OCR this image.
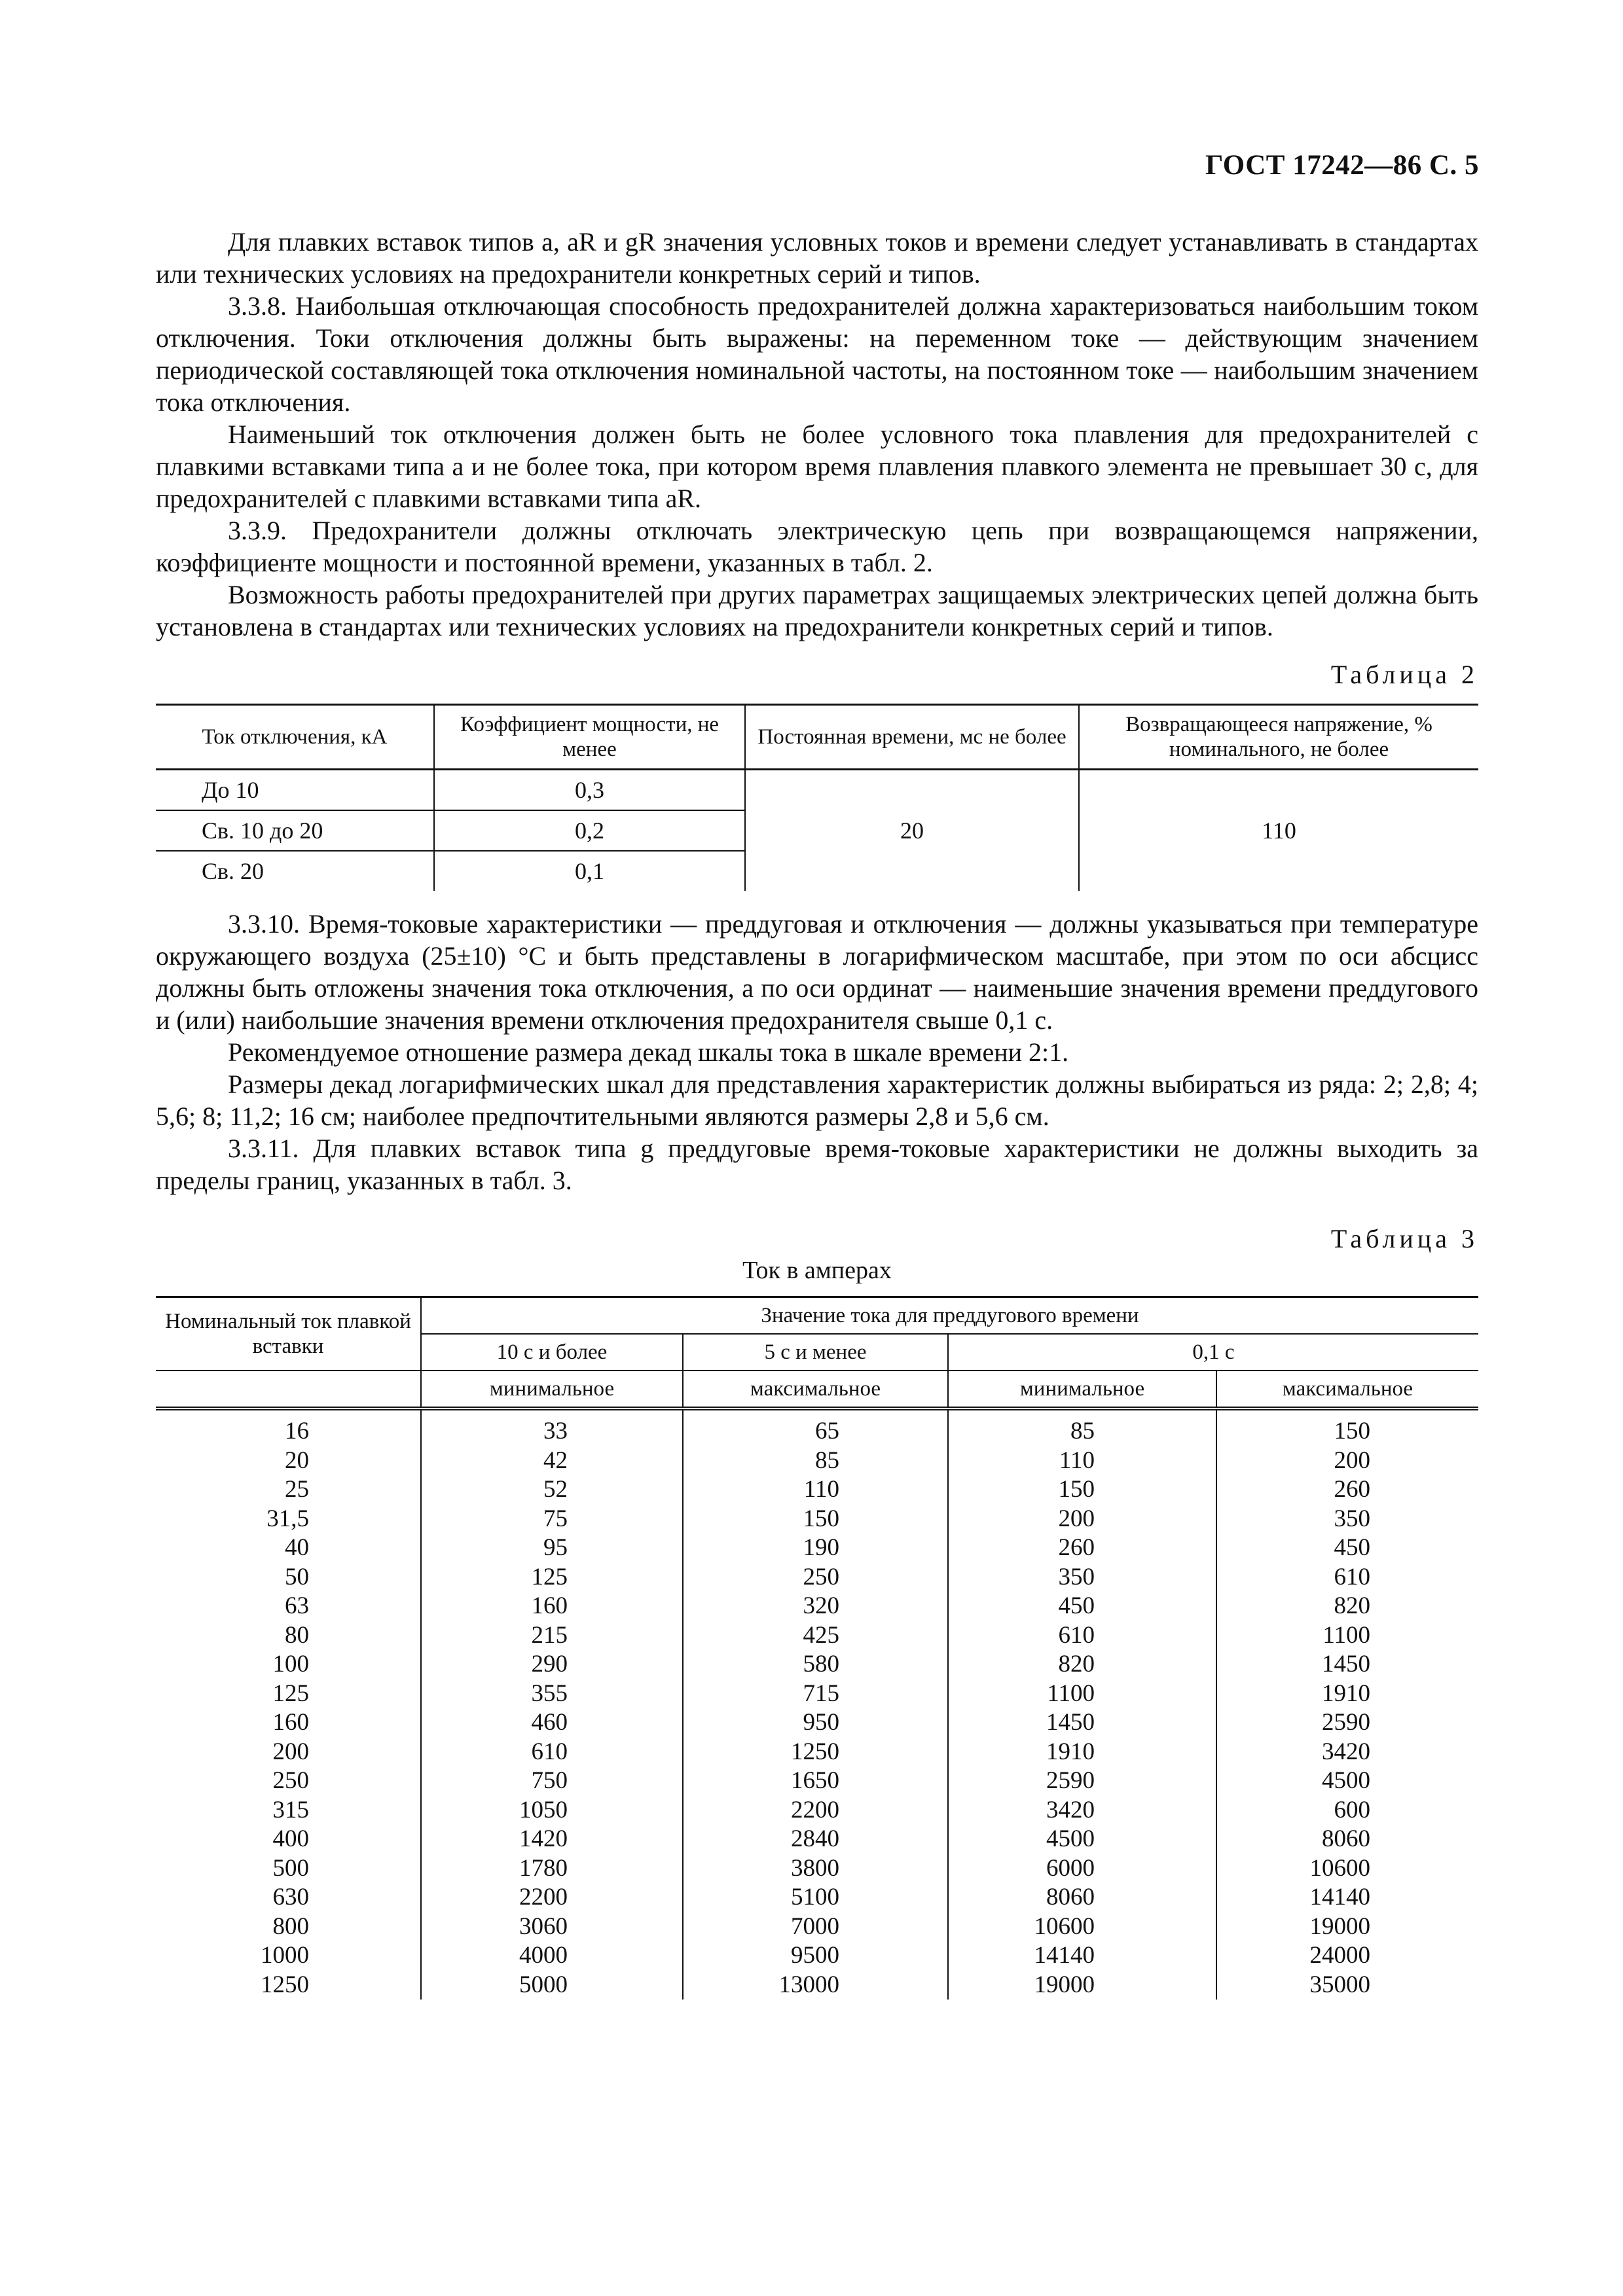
ГОСТ 17242—86 С. 5

Для плавких вставок типов a, aR и gR значения условных токов и времени следует устанавливать в стандартах или технических условиях на предохранители конкретных серий и типов.

3.3.8. Наибольшая отключающая способность предохранителей должна характеризоваться наибольшим током отключения. Токи отключения должны быть выражены: на переменном токе — действующим значением периодической составляющей тока отключения номинальной частоты, на постоянном токе — наибольшим значением тока отключения.

Наименьший ток отключения должен быть не более условного тока плавления для предохранителей с плавкими вставками типа a и не более тока, при котором время плавления плавкого элемента не превышает 30 с, для предохранителей с плавкими вставками типа aR.

3.3.9. Предохранители должны отключать электрическую цепь при возвращающемся напряжении, коэффициенте мощности и постоянной времени, указанных в табл. 2.

Возможность работы предохранителей при других параметрах защищаемых электрических цепей должна быть установлена в стандартах или технических условиях на предохранители конкретных серий и типов.

Таблица 2
Ток отключения, кА	Коэффициент мощности, не менее	Постоянная времени, мс не более	Возвращающееся напряжение, % номинального, не более
До 10	0,3	20	110
Св. 10 до 20	0,2		
Св. 20	0,1		

3.3.10. Время-токовые характеристики — преддуговая и отключения — должны указываться при температуре окружающего воздуха (25±10) °С и быть представлены в логарифмическом масштабе, при этом по оси абсцисс должны быть отложены значения тока отключения, а по оси ординат — наименьшие значения времени преддугового и (или) наибольшие значения времени отключения предохранителя свыше 0,1 с.

Рекомендуемое отношение размера декад шкалы тока в шкале времени 2:1.

Размеры декад логарифмических шкал для представления характеристик должны выбираться из ряда: 2; 2,8; 4; 5,6; 8; 11,2; 16 см; наиболее предпочтительными являются размеры 2,8 и 5,6 см.

3.3.11. Для плавких вставок типа g преддуговые время-токовые характеристики не должны выходить за пределы границ, указанных в табл. 3.

Таблица 3
Ток в амперах
Номинальный ток плавкой вставки	Значение тока для преддугового времени			
	10 с и более	5 с и менее	0,1 с	
	минимальное	максимальное	минимальное	максимальное
16	33	65	85	150
20	42	85	110	200
25	52	110	150	260
31,5	75	150	200	350
40	95	190	260	450
50	125	250	350	610
63	160	320	450	820
80	215	425	610	1100
100	290	580	820	1450
125	355	715	1100	1910
160	460	950	1450	2590
200	610	1250	1910	3420
250	750	1650	2590	4500
315	1050	2200	3420	600
400	1420	2840	4500	8060
500	1780	3800	6000	10600
630	2200	5100	8060	14140
800	3060	7000	10600	19000
1000	4000	9500	14140	24000
1250	5000	13000	19000	35000
